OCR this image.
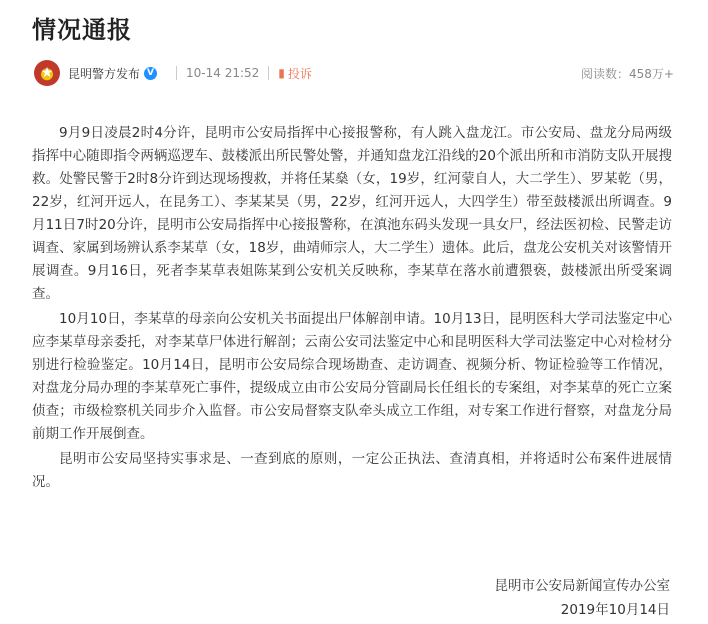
情况通报
★	昆明警方发布 V	10-14 21:52 ▮ 投诉	阅读数：458万+

9月9日凌晨2时4分许，昆明市公安局指挥中心接报警称，有人跳入盘龙江。市公安局、盘龙分局两级指挥中心随即指令两辆巡逻车、鼓楼派出所民警处警，并通知盘龙江沿线的20个派出所和市消防支队开展搜救。处警民警于2时8分许到达现场搜救，并将任某燊（女，19岁，红河蒙自人，大二学生）、罗某乾（男，22岁，红河开远人，在昆务工）、李某某昊（男，22岁，红河开远人，大四学生）带至鼓楼派出所调查。9月11日7时20分许，昆明市公安局指挥中心接报警称，在滇池东码头发现一具女尸，经法医初检、民警走访调查、家属到场辨认系李某草（女，18岁，曲靖师宗人，大二学生）遗体。此后，盘龙公安机关对该警情开展调查。9月16日，死者李某草表姐陈某到公安机关反映称，李某草在落水前遭猥亵，鼓楼派出所受案调查。

10月10日，李某草的母亲向公安机关书面提出尸体解剖申请。10月13日，昆明医科大学司法鉴定中心应李某草母亲委托，对李某草尸体进行解剖；云南公安司法鉴定中心和昆明医科大学司法鉴定中心对检材分别进行检验鉴定。10月14日，昆明市公安局综合现场勘查、走访调查、视频分析、物证检验等工作情况，对盘龙分局办理的李某草死亡事件，提级成立由市公安局分管副局长任组长的专案组，对李某草的死亡立案侦查；市级检察机关同步介入监督。市公安局督察支队牵头成立工作组，对专案工作进行督察，对盘龙分局前期工作开展倒查。

昆明市公安局坚持实事求是、一查到底的原则，一定公正执法、查清真相，并将适时公布案件进展情况。

昆明市公安局新闻宣传办公室
2019年10月14日
